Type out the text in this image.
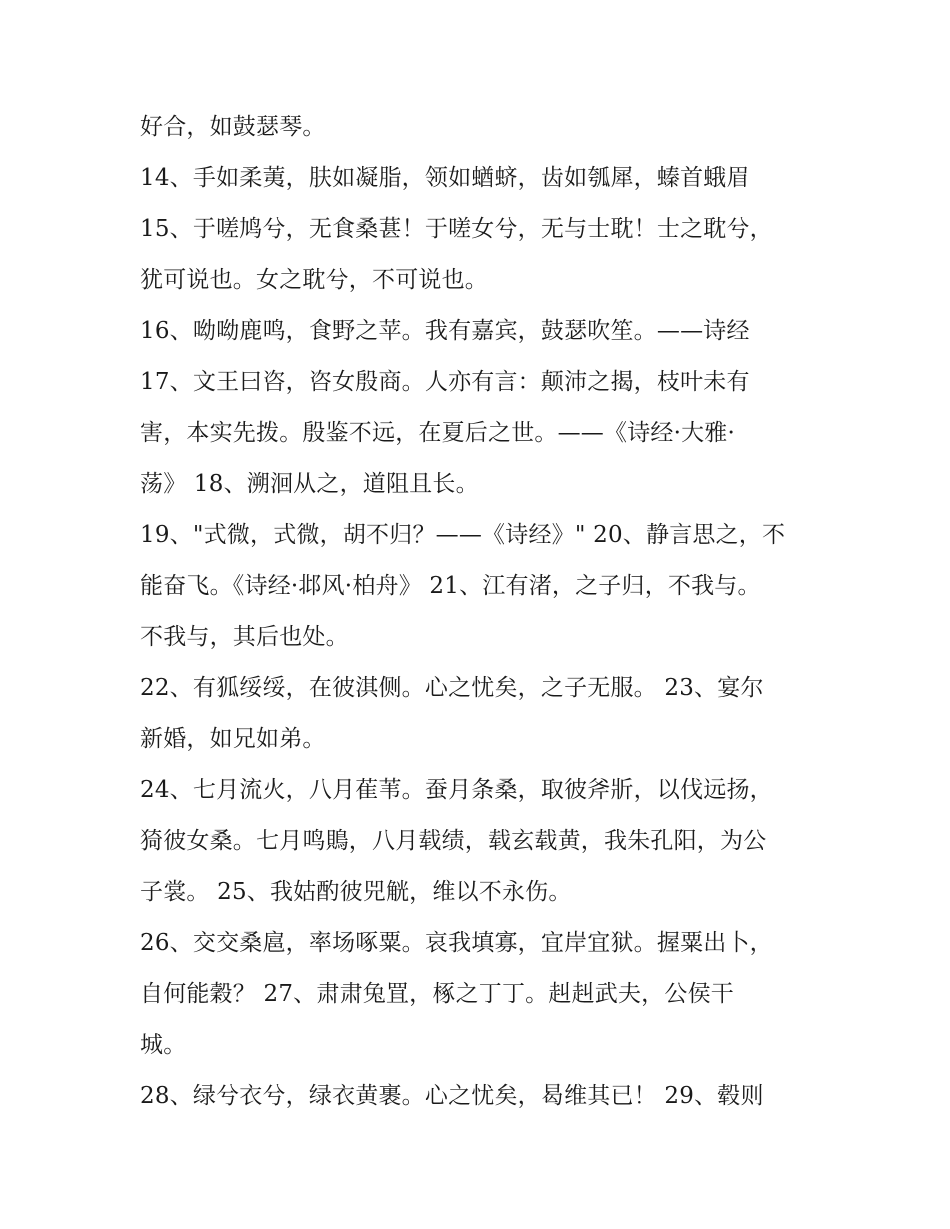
好合，如鼓瑟琴。
14、手如柔荑，肤如凝脂，领如蝤蛴，齿如瓠犀，螓首蛾眉
15、于嗟鸠兮，无食桑葚！于嗟女兮，无与士耽！士之耽兮，
犹可说也。女之耽兮，不可说也。
16、呦呦鹿鸣，食野之苹。我有嘉宾，鼓瑟吹笙。——诗经
17、文王曰咨，咨女殷商。人亦有言：颠沛之揭，枝叶未有
害，本实先拨。殷鉴不远，在夏后之世。——《诗经·大雅·
荡》 18、溯洄从之，道阻且长。
19、"式微，式微，胡不归？——《诗经》" 20、静言思之，不
能奋飞。《诗经·邶风·柏舟》 21、江有渚，之子归，不我与。
不我与，其后也处。
22、有狐绥绥，在彼淇侧。心之忧矣，之子无服。 23、宴尔
新婚，如兄如弟。
24、七月流火，八月萑苇。蚕月条桑，取彼斧斨，以伐远扬，
猗彼女桑。七月鸣鵙，八月载绩，载玄载黄，我朱孔阳，为公
子裳。 25、我姑酌彼兕觥，维以不永伤。
26、交交桑扈，率场啄粟。哀我填寡，宜岸宜狱。握粟出卜，
自何能穀？ 27、肃肃兔罝，椓之丁丁。赳赳武夫，公侯干
城。
28、绿兮衣兮，绿衣黄裹。心之忧矣，曷维其已！ 29、毂则
